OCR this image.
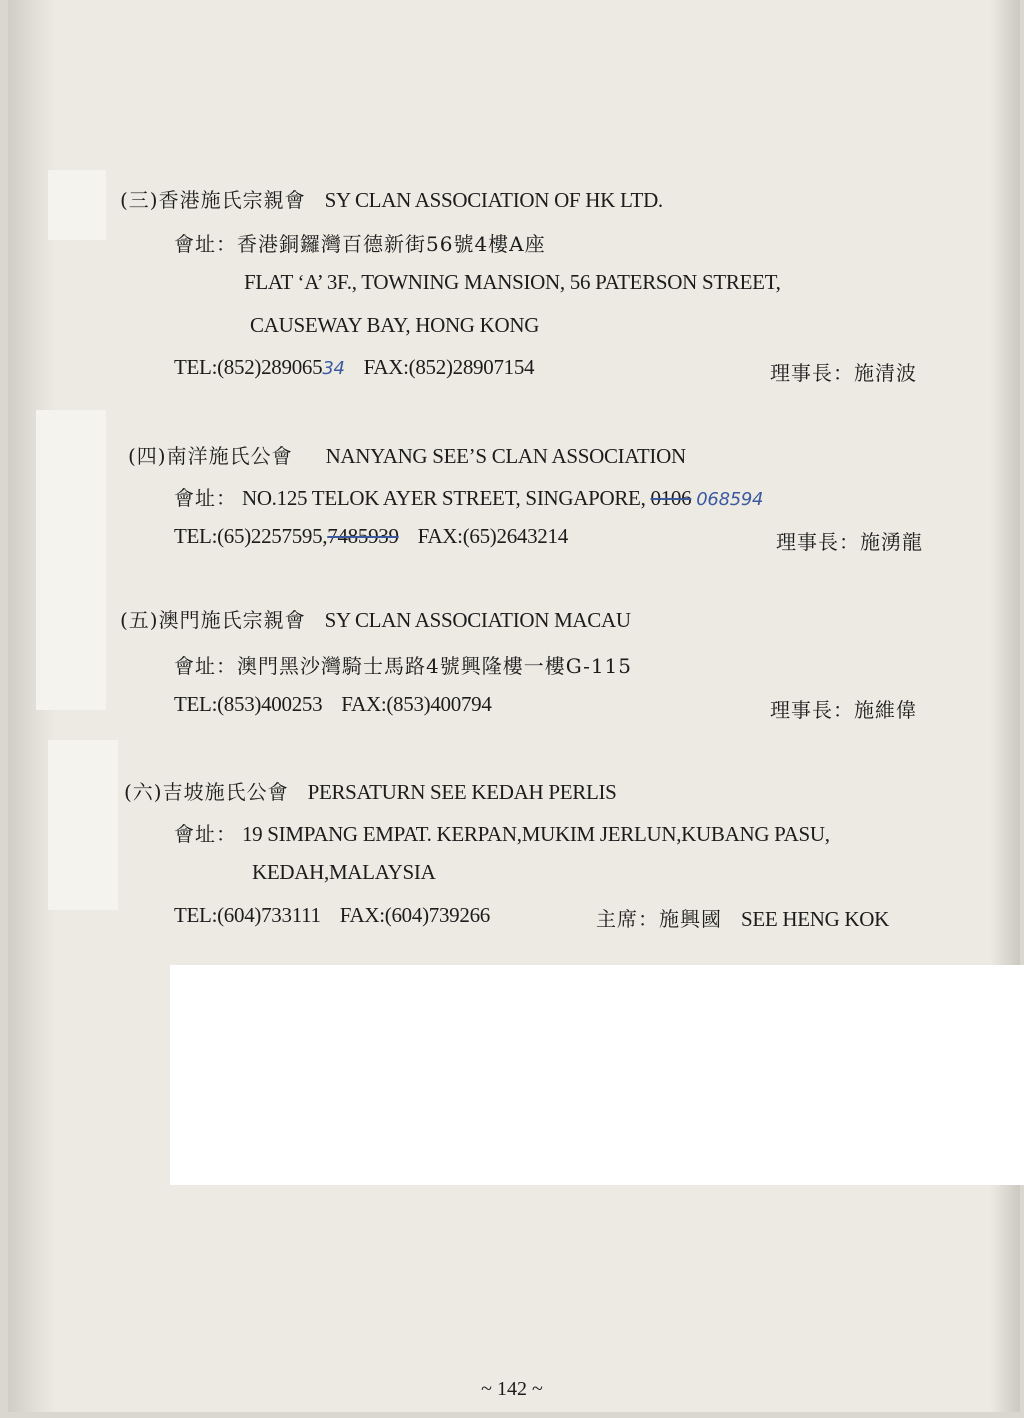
(三)香港施氏宗親會 SY CLAN ASSOCIATION OF HK LTD.
會址：香港銅鑼灣百德新街56號4樓A座
FLAT ‘A’ 3F., TOWNING MANSION, 56 PATERSON STREET,
CAUSEWAY BAY, HONG KONG
TEL:(852)28906534 FAX:(852)28907154	理事長：施清波
(四)南洋施氏公會 NANYANG SEE’S CLAN ASSOCIATION
會址： NO.125 TELOK AYER STREET, SINGAPORE, 0106 068594
TEL:(65)2257595,7485939 FAX:(65)2643214	理事長：施湧龍
(五)澳門施氏宗親會 SY CLAN ASSOCIATION MACAU
會址：澳門黑沙灣騎士馬路4號興隆樓一樓G-115
TEL:(853)400253 FAX:(853)400794	理事長：施維偉
(六)吉坡施氏公會 PERSATURN SEE KEDAH PERLIS
會址： 19 SIMPANG EMPAT. KERPAN,MUKIM JERLUN,KUBANG PASU,
KEDAH,MALAYSIA
TEL:(604)733111 FAX:(604)739266	主席：施興國 SEE HENG KOK
~ 142 ~
